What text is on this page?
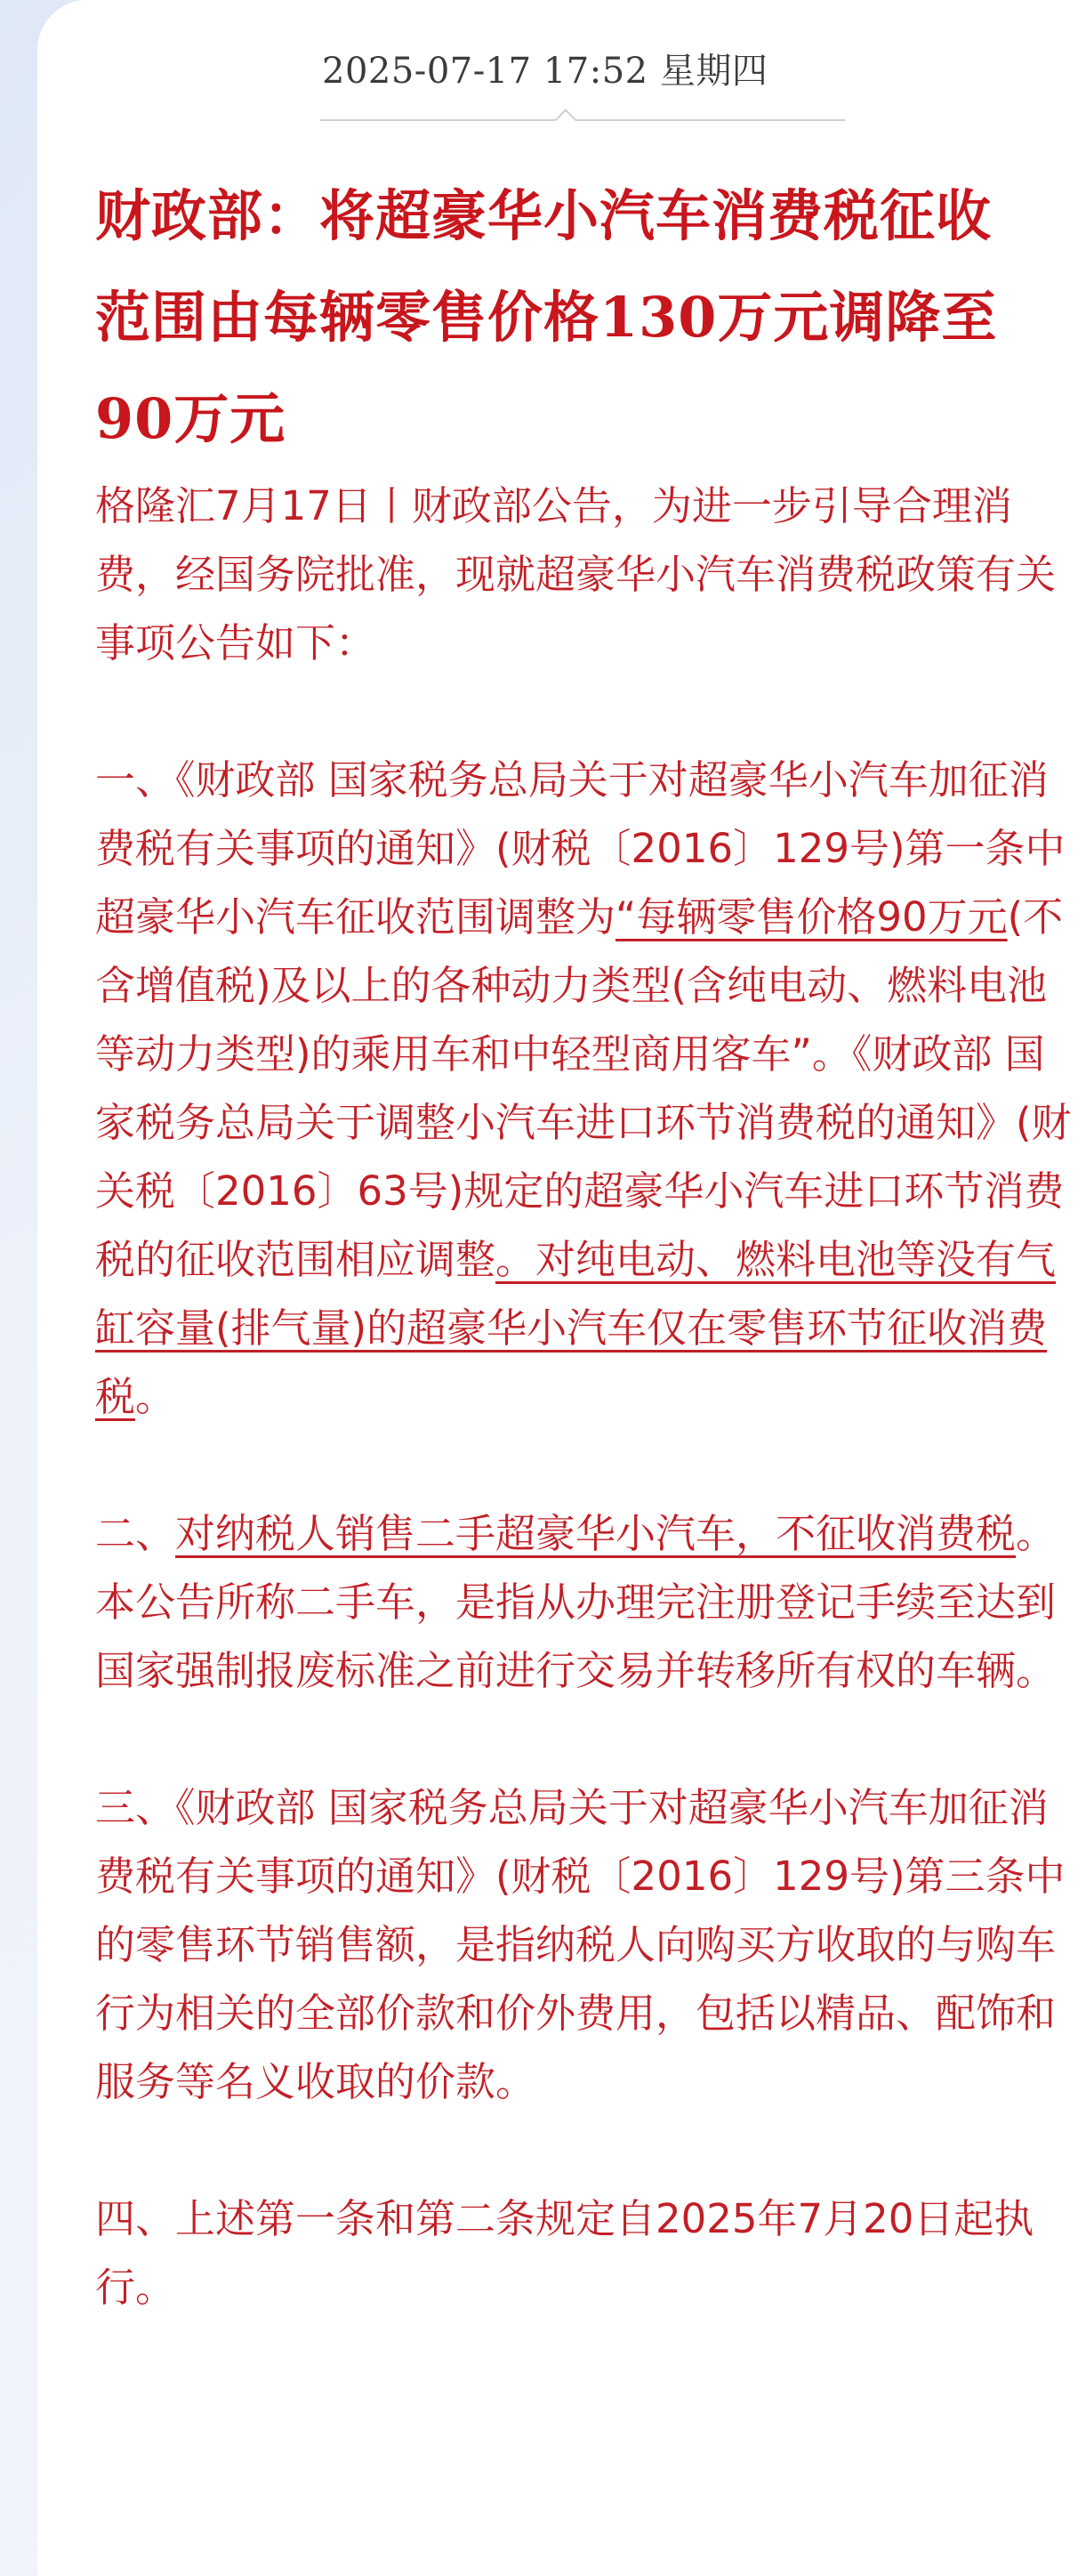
2025-07-17 17:52 星期四
财政部：将超豪华小汽车消费税征收范围由每辆零售价格130万元调降至90万元

格隆汇7月17日丨财政部公告，为进一步引导合理消费，经国务院批准，现就超豪华小汽车消费税政策有关事项公告如下：

一、《财政部 国家税务总局关于对超豪华小汽车加征消费税有关事项的通知》(财税〔2016〕129号)第一条中超豪华小汽车征收范围调整为“每辆零售价格90万元(不含增值税)及以上的各种动力类型(含纯电动、燃料电池等动力类型)的乘用车和中轻型商用客车”。《财政部 国家税务总局关于调整小汽车进口环节消费税的通知》(财关税〔2016〕63号)规定的超豪华小汽车进口环节消费税的征收范围相应调整。对纯电动、燃料电池等没有气缸容量(排气量)的超豪华小汽车仅在零售环节征收消费税。

二、对纳税人销售二手超豪华小汽车，不征收消费税。本公告所称二手车，是指从办理完注册登记手续至达到国家强制报废标准之前进行交易并转移所有权的车辆。

三、《财政部 国家税务总局关于对超豪华小汽车加征消费税有关事项的通知》(财税〔2016〕129号)第三条中的零售环节销售额，是指纳税人向购买方收取的与购车行为相关的全部价款和价外费用，包括以精品、配饰和服务等名义收取的价款。

四、上述第一条和第二条规定自2025年7月20日起执行。
